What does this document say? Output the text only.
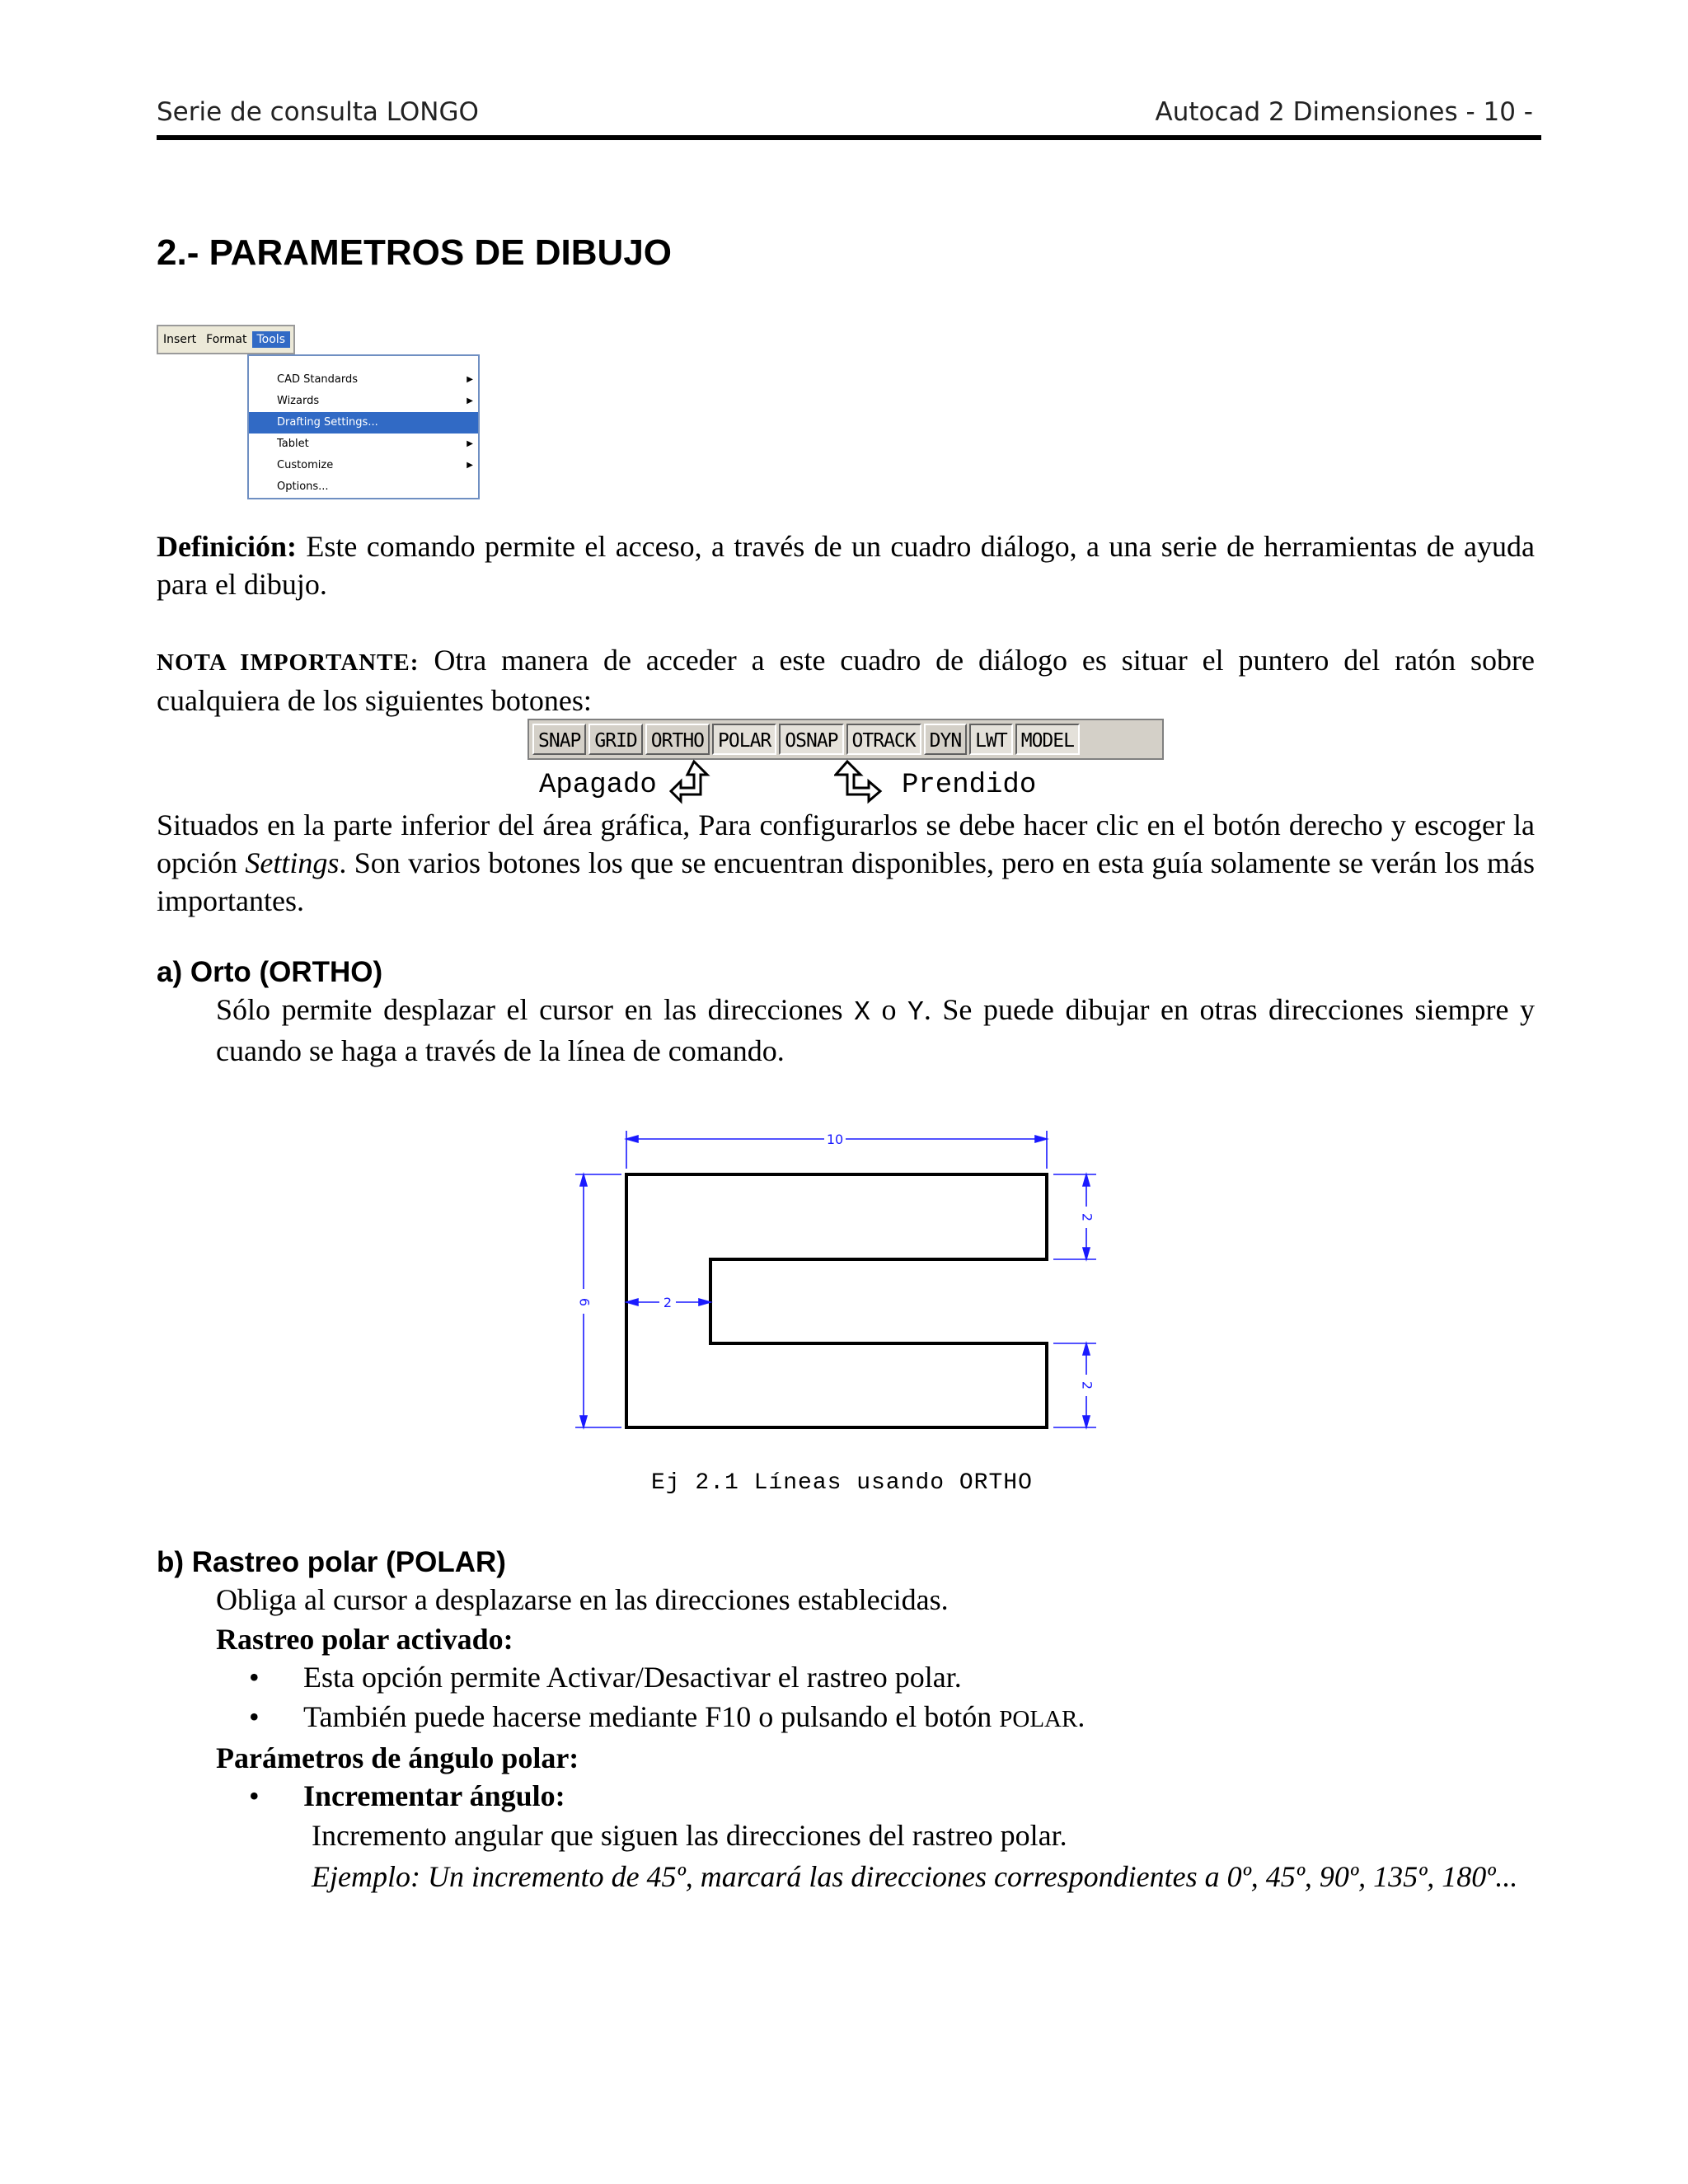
Serie de consulta LONGO	Autocad 2 Dimensiones - 10 -
2.- PARAMETROS DE DIBUJO
Insert Format Tools
CAD Standards	▶
Wizards	▶
Drafting Settings...
Tablet	▶
Customize	▶
Options...
Definición: Este comando permite el acceso, a través de un cuadro diálogo, a una serie de herramientas de ayuda para el dibujo.
NOTA IMPORTANTE: Otra manera de acceder a este cuadro de diálogo es situar el puntero del ratón sobre cualquiera de los siguientes botones:
SNAP GRID ORTHO POLAR OSNAP OTRACK DYN LWT MODEL
Apagado	Prendido
Situados en la parte inferior del área gráfica, Para configurarlos se debe hacer clic en el botón derecho y escoger la opción Settings. Son varios botones los que se encuentran disponibles, pero en esta guía solamente se verán los más importantes.
a) Orto (ORTHO)
Sólo permite desplazar el cursor en las direcciones X o Y. Se puede dibujar en otras direcciones siempre y cuando se haga a través de la línea de comando.
10
6	2
2
2
Ej 2.1 Líneas usando ORTHO
b) Rastreo polar (POLAR)
Obliga al cursor a desplazarse en las direcciones establecidas.
Rastreo polar activado:
• Esta opción permite Activar/Desactivar el rastreo polar.
• También puede hacerse mediante F10 o pulsando el botón POLAR.
Parámetros de ángulo polar:
• Incrementar ángulo:
Incremento angular que siguen las direcciones del rastreo polar.
Ejemplo: Un incremento de 45º, marcará las direcciones correspondientes a 0º, 45º, 90º, 135º, 180º...
